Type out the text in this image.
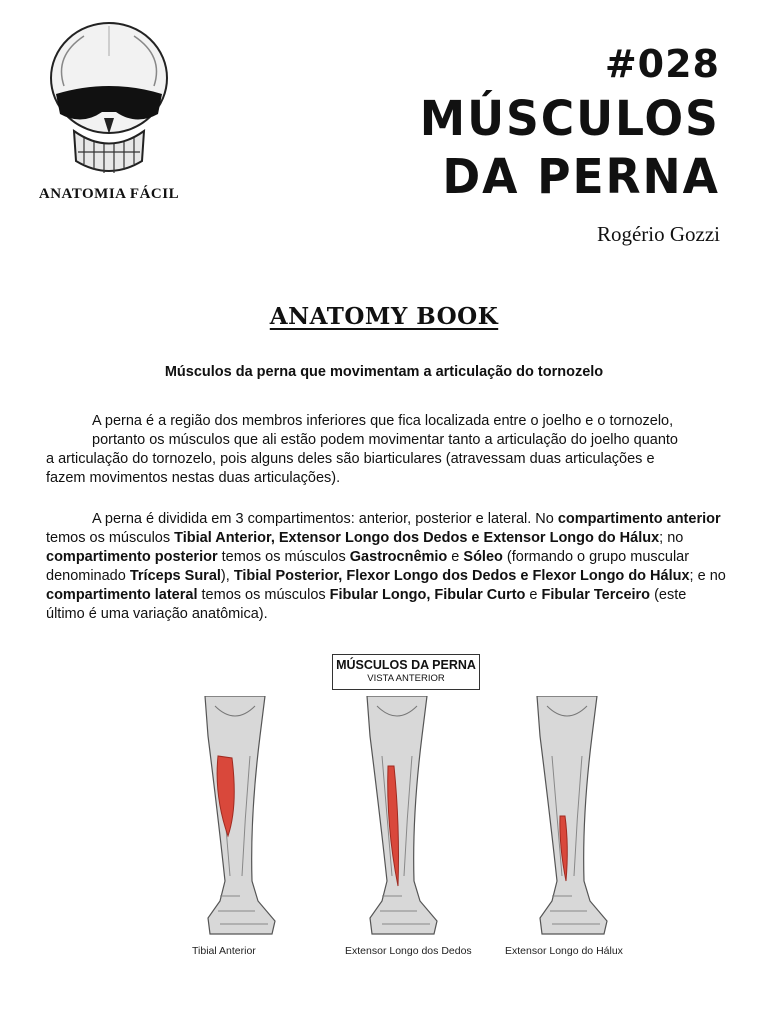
ANATOMIA FÁCIL
#028
MÚSCULOS
DA PERNA
Rogério Gozzi
ANATOMY BOOK
Músculos da perna que movimentam a articulação do tornozelo
A perna é a região dos membros inferiores que fica localizada entre o joelho e o tornozelo,
portanto os músculos que ali estão podem movimentar tanto a articulação do joelho quanto
a articulação do tornozelo, pois alguns deles são biarticulares (atravessam duas articulações e
fazem movimentos nestas duas articulações).
A perna é dividida em 3 compartimentos: anterior, posterior e lateral. No compartimento anterior temos os músculos Tibial Anterior, Extensor Longo dos Dedos e Extensor Longo do Hálux; no compartimento posterior temos os músculos Gastrocnêmio e Sóleo (formando o grupo muscular denominado Tríceps Sural), Tibial Posterior, Flexor Longo dos Dedos e Flexor Longo do Hálux; e no compartimento lateral temos os músculos Fibular Longo, Fibular Curto e Fibular Terceiro (este último é uma variação anatômica).
MÚSCULOS DA PERNA
VISTA ANTERIOR
Tibial Anterior	Extensor Longo dos Dedos	Extensor Longo do Hálux
